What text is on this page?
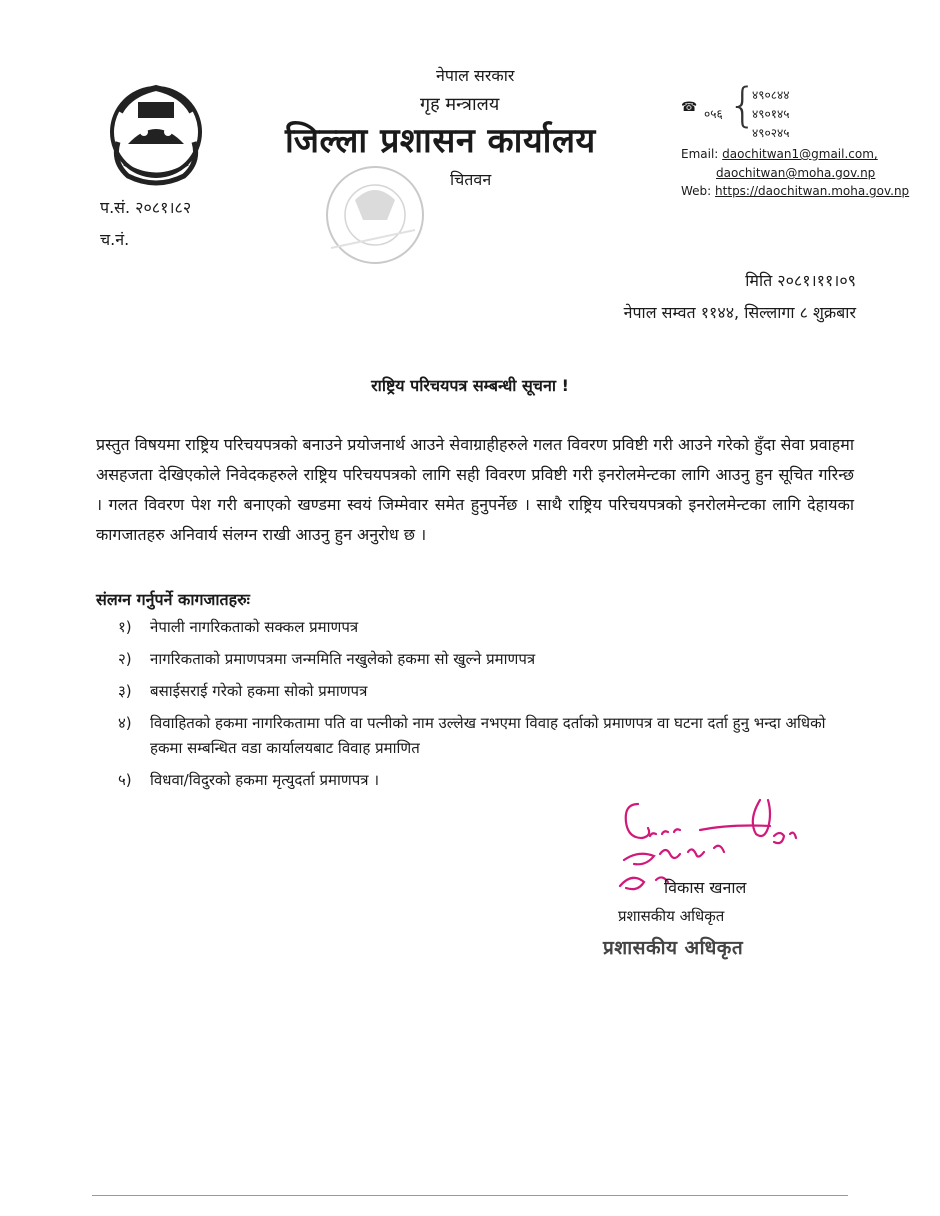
नेपाल सरकार
गृह मन्त्रालय
जिल्ला प्रशासन कार्यालय
चितवन
☎ ०५६ {
४९०८४४
४९०१४५
४९०२४५
Email: daochitwan1@gmail.com,
daochitwan@moha.gov.np
Web: https://daochitwan.moha.gov.np
प.सं. २०८१।८२
च.नं.
मिति २०८१।११।०९
नेपाल सम्वत ११४४, सिल्लागा ८ शुक्रबार
राष्ट्रिय परिचयपत्र सम्बन्धी सूचना !
प्रस्तुत विषयमा राष्ट्रिय परिचयपत्रको बनाउने प्रयोजनार्थ आउने सेवाग्राहीहरुले गलत विवरण प्रविष्टी गरी आउने गरेको हुँदा सेवा प्रवाहमा असहजता देखिएकोले निवेदकहरुले राष्ट्रिय परिचयपत्रको लागि सही विवरण प्रविष्टी गरी इनरोलमेन्टका लागि आउनु हुन सूचित गरिन्छ । गलत विवरण पेश गरी बनाएको खण्डमा स्वयं जिम्मेवार समेत हुनुपर्नेछ । साथै राष्ट्रिय परिचयपत्रको इनरोलमेन्टका लागि देहायका कागजातहरु अनिवार्य संलग्न राखी आउनु हुन अनुरोध छ ।
संलग्न गर्नुपर्ने कागजातहरुः
१) नेपाली नागरिकताको सक्कल प्रमाणपत्र
२) नागरिकताको प्रमाणपत्रमा जन्ममिति नखुलेको हकमा सो खुल्ने प्रमाणपत्र
३) बसाईसराई गरेको हकमा सोको प्रमाणपत्र
४) विवाहितको हकमा नागरिकतामा पति वा पत्नीको नाम उल्लेख नभएमा विवाह दर्ताको प्रमाणपत्र वा घटना दर्ता हुनु भन्दा अधिको हकमा सम्बन्धित वडा कार्यालयबाट विवाह प्रमाणित
५) विधवा/विदुरको हकमा मृत्युदर्ता प्रमाणपत्र ।
विकास खनाल
प्रशासकीय अधिकृत
प्रशासकीय अधिकृत
